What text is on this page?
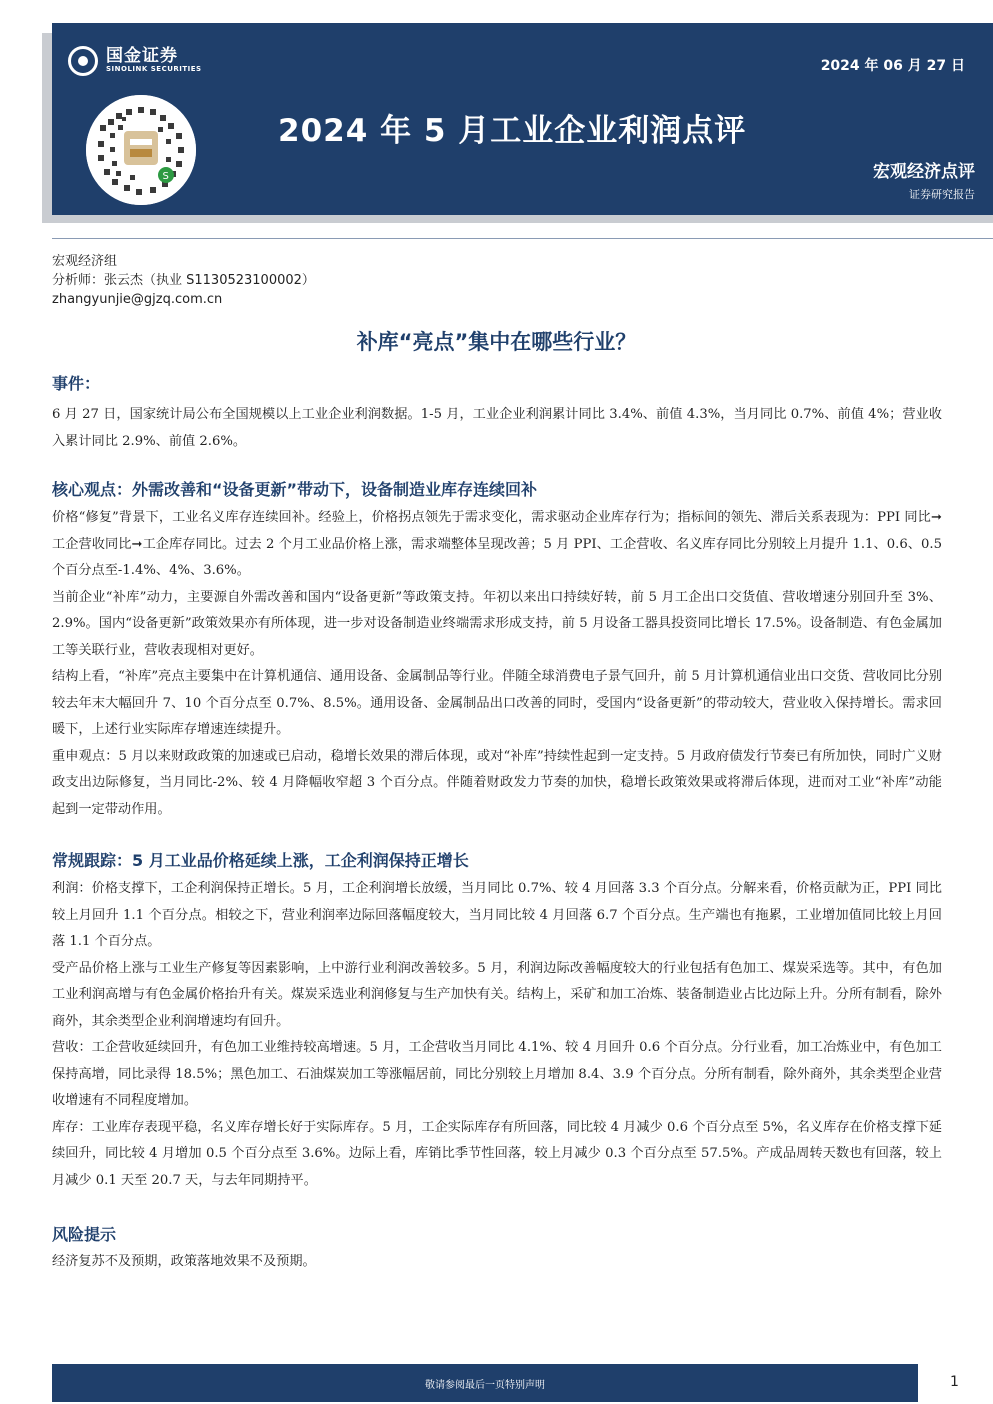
国金证券
SINOLINK SECURITIES
S
2024 年 06 月 27 日
2024 年 5 月工业企业利润点评
宏观经济点评
证券研究报告
宏观经济组
分析师：张云杰（执业 S1130523100002）
zhangyunjie@gjzq.com.cn
补库“亮点”集中在哪些行业？
事件：

6 月 27 日，国家统计局公布全国规模以上工业企业利润数据。1-5 月，工业企业利润累计同比 3.4%、前值 4.3%，当月同比 0.7%、前值 4%；营业收入累计同比 2.9%、前值 2.6%。

核心观点：外需改善和“设备更新”带动下，设备制造业库存连续回补

价格“修复”背景下，工业名义库存连续回补。经验上，价格拐点领先于需求变化，需求驱动企业库存行为；指标间的领先、滞后关系表现为：PPI 同比➞工企营收同比➞工企库存同比。过去 2 个月工业品价格上涨，需求端整体呈现改善；5 月 PPI、工企营收、名义库存同比分别较上月提升 1.1、0.6、0.5 个百分点至-1.4%、4%、3.6%。

当前企业“补库”动力，主要源自外需改善和国内“设备更新”等政策支持。年初以来出口持续好转，前 5 月工企出口交货值、营收增速分别回升至 3%、2.9%。国内“设备更新”政策效果亦有所体现，进一步对设备制造业终端需求形成支持，前 5 月设备工器具投资同比增长 17.5%。设备制造、有色金属加工等关联行业，营收表现相对更好。

结构上看，“补库”亮点主要集中在计算机通信、通用设备、金属制品等行业。伴随全球消费电子景气回升，前 5 月计算机通信业出口交货、营收同比分别较去年末大幅回升 7、10 个百分点至 0.7%、8.5%。通用设备、金属制品出口改善的同时，受国内“设备更新”的带动较大，营业收入保持增长。需求回暖下，上述行业实际库存增速连续提升。

重申观点：5 月以来财政政策的加速或已启动，稳增长效果的滞后体现，或对“补库”持续性起到一定支持。5 月政府债发行节奏已有所加快，同时广义财政支出边际修复，当月同比-2%、较 4 月降幅收窄超 3 个百分点。伴随着财政发力节奏的加快，稳增长政策效果或将滞后体现，进而对工业“补库”动能起到一定带动作用。

常规跟踪：5 月工业品价格延续上涨，工企利润保持正增长

利润：价格支撑下，工企利润保持正增长。5 月，工企利润增长放缓，当月同比 0.7%、较 4 月回落 3.3 个百分点。分解来看，价格贡献为正，PPI 同比较上月回升 1.1 个百分点。相较之下，营业利润率边际回落幅度较大，当月同比较 4 月回落 6.7 个百分点。生产端也有拖累，工业增加值同比较上月回落 1.1 个百分点。

受产品价格上涨与工业生产修复等因素影响，上中游行业利润改善较多。5 月，利润边际改善幅度较大的行业包括有色加工、煤炭采选等。其中，有色加工业利润高增与有色金属价格抬升有关。煤炭采选业利润修复与生产加快有关。结构上，采矿和加工冶炼、装备制造业占比边际上升。分所有制看，除外商外，其余类型企业利润增速均有回升。

营收：工企营收延续回升，有色加工业维持较高增速。5 月，工企营收当月同比 4.1%、较 4 月回升 0.6 个百分点。分行业看，加工冶炼业中，有色加工保持高增，同比录得 18.5%；黑色加工、石油煤炭加工等涨幅居前，同比分别较上月增加 8.4、3.9 个百分点。分所有制看，除外商外，其余类型企业营收增速有不同程度增加。

库存：工业库存表现平稳，名义库存增长好于实际库存。5 月，工企实际库存有所回落，同比较 4 月减少 0.6 个百分点至 5%，名义库存在价格支撑下延续回升，同比较 4 月增加 0.5 个百分点至 3.6%。边际上看，库销比季节性回落，较上月减少 0.3 个百分点至 57.5%。产成品周转天数也有回落，较上月减少 0.1 天至 20.7 天，与去年同期持平。

风险提示

经济复苏不及预期，政策落地效果不及预期。

敬请参阅最后一页特别声明	1
